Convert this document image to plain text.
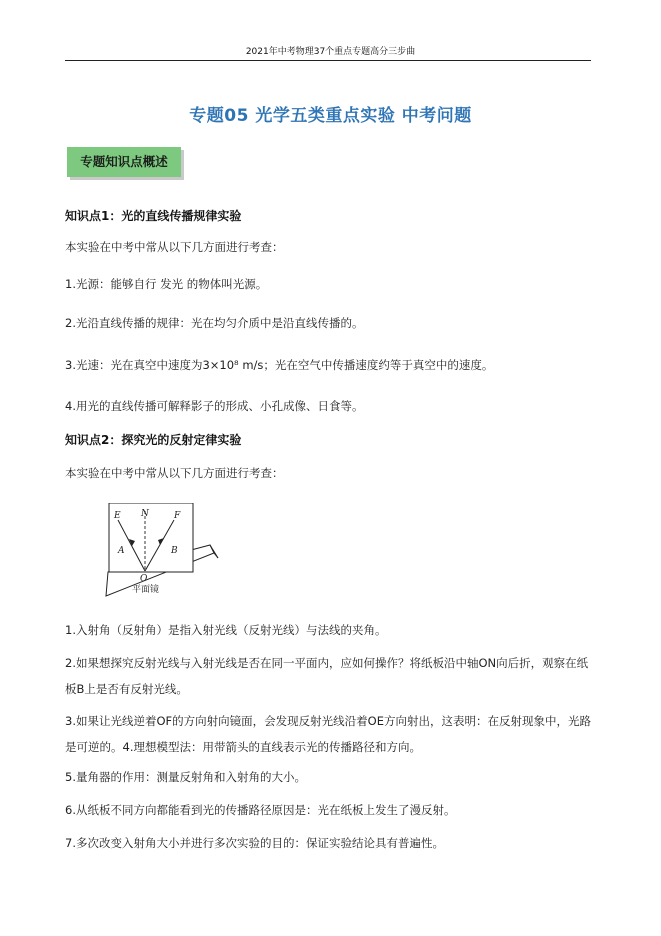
2021年中考物理37个重点专题高分三步曲
专题05 光学五类重点实验 中考问题
专题知识点概述
知识点1：光的直线传播规律实验
本实验在中考中常从以下几方面进行考查：
1.光源：能够自行 发光 的物体叫光源。
2.光沿直线传播的规律：光在均匀介质中是沿直线传播的。
3.光速：光在真空中速度为3×10⁸ m/s；光在空气中传播速度约等于真空中的速度。
4.用光的直线传播可解释影子的形成、小孔成像、日食等。
知识点2：探究光的反射定律实验
本实验在中考中常从以下几方面进行考查：
E N	F
A	B
O
平面镜
1.入射角（反射角）是指入射光线（反射光线）与法线的夹角。
2.如果想探究反射光线与入射光线是否在同一平面内，应如何操作？将纸板沿中轴ON向后折，观察在纸板B上是否有反射光线。
3.如果让光线逆着OF的方向射向镜面，会发现反射光线沿着OE方向射出，这表明：在反射现象中，光路是可逆的。4.理想模型法：用带箭头的直线表示光的传播路径和方向。
5.量角器的作用：测量反射角和入射角的大小。
6.从纸板不同方向都能看到光的传播路径原因是：光在纸板上发生了漫反射。
7.多次改变入射角大小并进行多次实验的目的：保证实验结论具有普遍性。
